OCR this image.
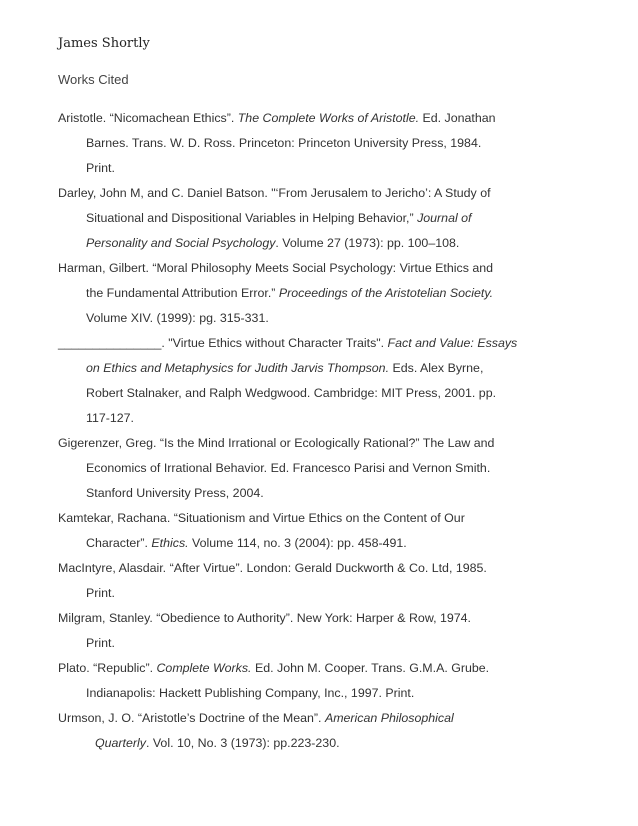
James Shortly
Works Cited
Aristotle. “Nicomachean Ethics”. The Complete Works of Aristotle. Ed. Jonathan
Barnes. Trans. W. D. Ross. Princeton: Princeton University Press, 1984.
Print.
Darley, John M, and C. Daniel Batson. "‘From Jerusalem to Jericho’: A Study of
Situational and Dispositional Variables in Helping Behavior,” Journal of
Personality and Social Psychology. Volume 27 (1973): pp. 100–108.
Harman, Gilbert. “Moral Philosophy Meets Social Psychology: Virtue Ethics and
the Fundamental Attribution Error.” Proceedings of the Aristotelian Society.
Volume XIV. (1999): pg. 315-331.
_______________. "Virtue Ethics without Character Traits". Fact and Value: Essays
on Ethics and Metaphysics for Judith Jarvis Thompson. Eds. Alex Byrne,
Robert Stalnaker, and Ralph Wedgwood. Cambridge: MIT Press, 2001. pp.
117-127.
Gigerenzer, Greg. “Is the Mind Irrational or Ecologically Rational?” The Law and
Economics of Irrational Behavior. Ed. Francesco Parisi and Vernon Smith.
Stanford University Press, 2004.
Kamtekar, Rachana. “Situationism and Virtue Ethics on the Content of Our
Character”. Ethics. Volume 114, no. 3 (2004): pp. 458-491.
MacIntyre, Alasdair. “After Virtue”. London: Gerald Duckworth & Co. Ltd, 1985.
Print.
Milgram, Stanley. “Obedience to Authority”. New York: Harper & Row, 1974.
Print.
Plato. “Republic”. Complete Works. Ed. John M. Cooper. Trans. G.M.A. Grube.
Indianapolis: Hackett Publishing Company, Inc., 1997. Print.
Urmson, J. O. “Aristotle’s Doctrine of the Mean”. American Philosophical
Quarterly. Vol. 10, No. 3 (1973): pp.223-230.
